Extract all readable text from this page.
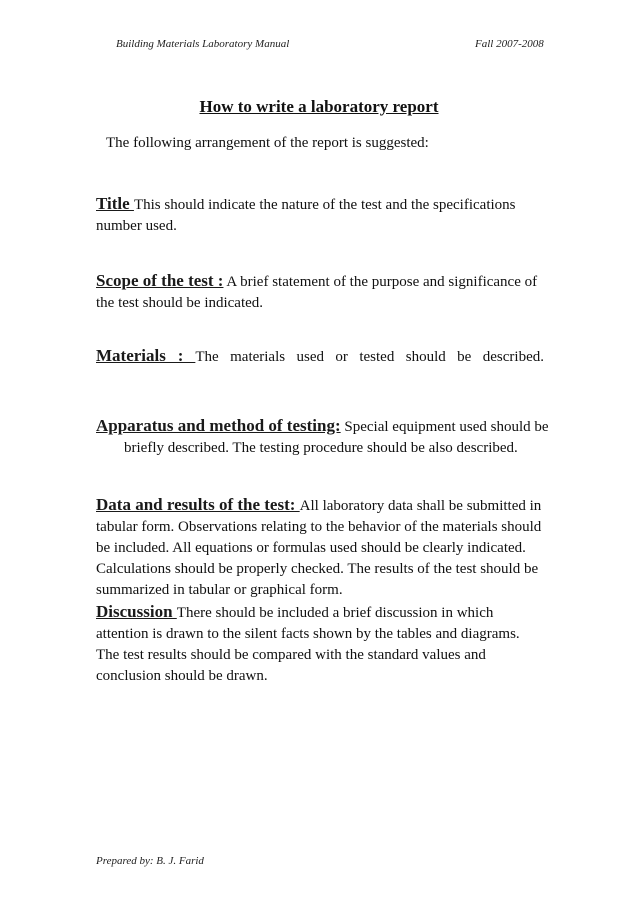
Building Materials Laboratory Manual	Fall 2007-2008
How to write a laboratory report
The following arrangement of the report is suggested:
Title This should indicate the nature of the test and the specifications number used.
Scope of the test : A brief statement of the purpose and significance of the test should be indicated.
Materials : The materials used or tested should be described.
Apparatus and method of testing: Special equipment used should be briefly described. The testing procedure should be also described.
Data and results of the test: All laboratory data shall be submitted in tabular form. Observations relating to the behavior of the materials should be included. All equations or formulas used should be clearly indicated. Calculations should be properly checked. The results of the test should be summarized in tabular or graphical form.
Discussion There should be included a brief discussion in which attention is drawn to the silent facts shown by the tables and diagrams. The test results should be compared with the standard values and conclusion should be drawn.
Prepared by: B. J. Farid
